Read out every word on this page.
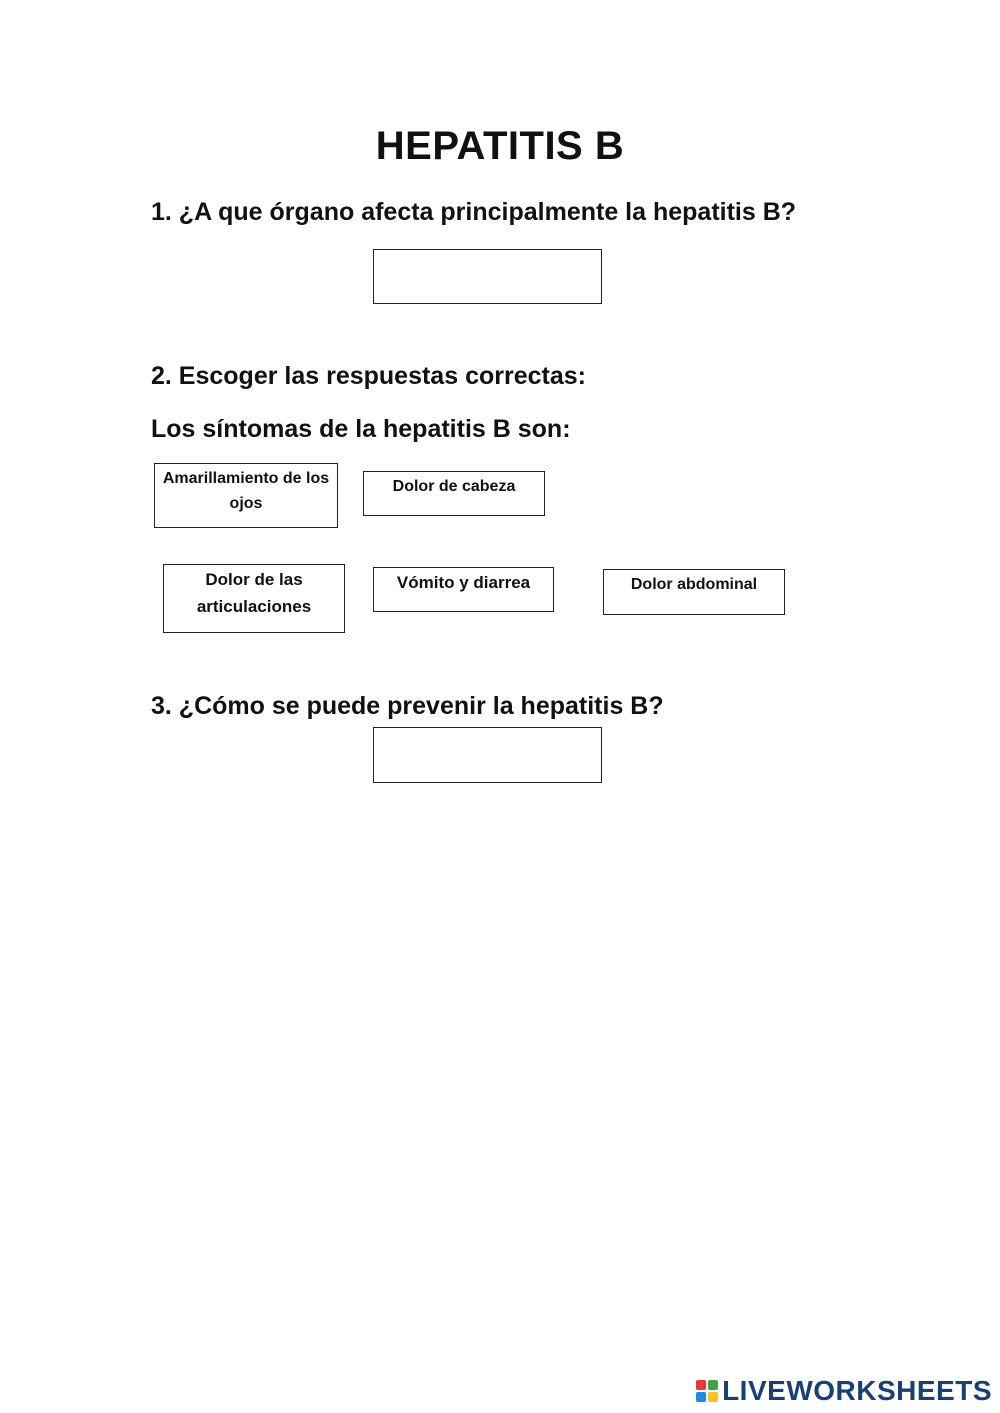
HEPATITIS B

1. ¿A que órgano afecta principalmente la hepatitis B?

2. Escoger las respuestas correctas:

Los síntomas de la hepatitis B son:

Amarillamiento de los ojos
Dolor de cabeza
Dolor de las articulaciones
Vómito y diarrea	Dolor abdominal

3. ¿Cómo se puede prevenir la hepatitis B?

LIVEWORKSHEETS
